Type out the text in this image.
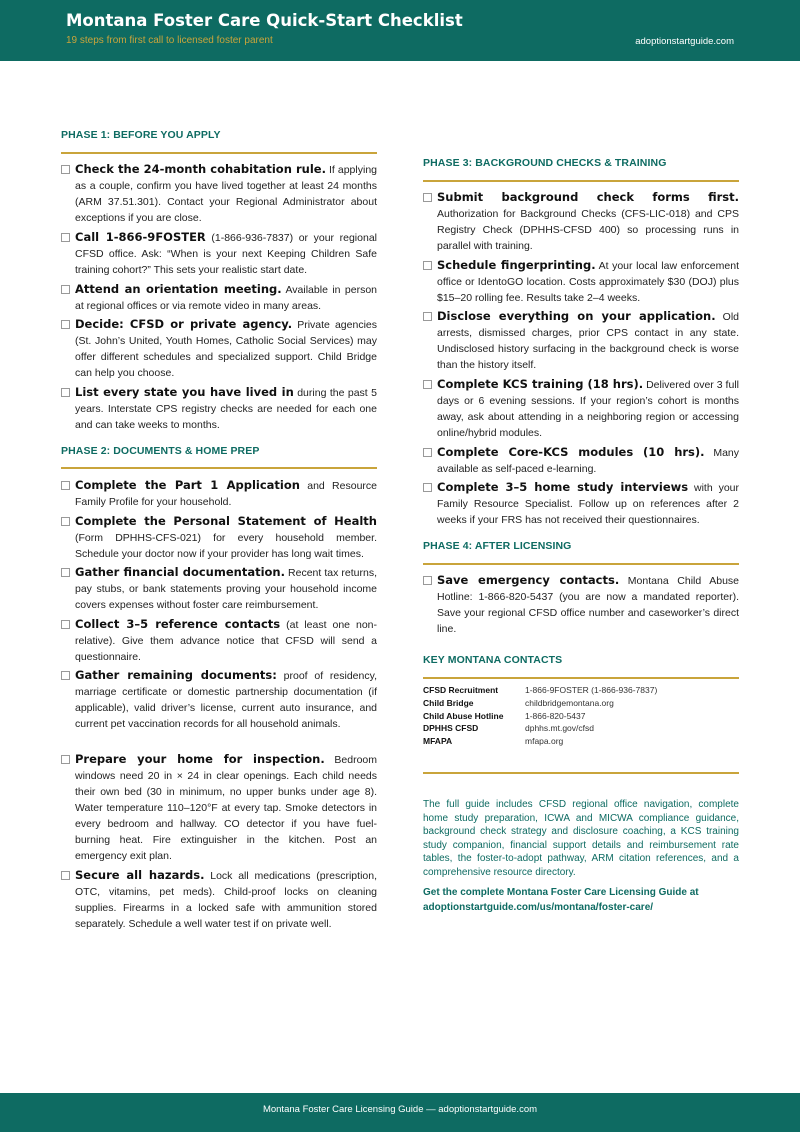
Montana Foster Care Quick-Start Checklist
19 steps from first call to licensed foster parent	adoptionstartguide.com
PHASE 1: BEFORE YOU APPLY
Check the 24-month cohabitation rule. If applying as a couple, confirm you have lived together at least 24 months (ARM 37.51.301). Contact your Regional Administrator about exceptions if you are close.
Call 1-866-9FOSTER (1-866-936-7837) or your regional CFSD office. Ask: “When is your next Keeping Children Safe training cohort?” This sets your realistic start date.
Attend an orientation meeting. Available in person at regional offices or via remote video in many areas.
Decide: CFSD or private agency. Private agencies (St. John’s United, Youth Homes, Catholic Social Services) may offer different schedules and specialized support. Child Bridge can help you choose.
List every state you have lived in during the past 5 years. Interstate CPS registry checks are needed for each one and can take weeks to months.
PHASE 2: DOCUMENTS & HOME PREP
Complete the Part 1 Application and Resource Family Profile for your household.
Complete the Personal Statement of Health (Form DPHHS-CFS-021) for every household member. Schedule your doctor now if your provider has long wait times.
Gather financial documentation. Recent tax returns, pay stubs, or bank statements proving your household income covers expenses without foster care reimbursement.
Collect 3–5 reference contacts (at least one non-relative). Give them advance notice that CFSD will send a questionnaire.
Gather remaining documents: proof of residency, marriage certificate or domestic partnership documentation (if applicable), valid driver’s license, current auto insurance, and current pet vaccination records for all household animals.
Prepare your home for inspection. Bedroom windows need 20 in × 24 in clear openings. Each child needs their own bed (30 in minimum, no upper bunks under age 8). Water temperature 110–120°F at every tap. Smoke detectors in every bedroom and hallway. CO detector if you have fuel-burning heat. Fire extinguisher in the kitchen. Post an emergency exit plan.
Secure all hazards. Lock all medications (prescription, OTC, vitamins, pet meds). Child-proof locks on cleaning supplies. Firearms in a locked safe with ammunition stored separately. Schedule a well water test if on private well.
PHASE 3: BACKGROUND CHECKS & TRAINING
Submit background check forms first. Authorization for Background Checks (CFS-LIC-018) and CPS Registry Check (DPHHS-CFSD 400) so processing runs in parallel with training.
Schedule fingerprinting. At your local law enforcement office or IdentoGO location. Costs approximately $30 (DOJ) plus $15–20 rolling fee. Results take 2–4 weeks.
Disclose everything on your application. Old arrests, dismissed charges, prior CPS contact in any state. Undisclosed history surfacing in the background check is worse than the history itself.
Complete KCS training (18 hrs). Delivered over 3 full days or 6 evening sessions. If your region’s cohort is months away, ask about attending in a neighboring region or accessing online/hybrid modules.
Complete Core-KCS modules (10 hrs). Many available as self-paced e-learning.
Complete 3–5 home study interviews with your Family Resource Specialist. Follow up on references after 2 weeks if your FRS has not received their questionnaires.
PHASE 4: AFTER LICENSING
Save emergency contacts. Montana Child Abuse Hotline: 1-866-820-5437 (you are now a mandated reporter). Save your regional CFSD office number and caseworker’s direct line.
KEY MONTANA CONTACTS
CFSD Recruitment	1-866-9FOSTER (1-866-936-7837)
Child Bridge	childbridgemontana.org
Child Abuse Hotline	1-866-820-5437
DPHHS CFSD	dphhs.mt.gov/cfsd
MFAPA	mfapa.org
The full guide includes CFSD regional office navigation, complete home study preparation, ICWA and MICWA compliance guidance, background check strategy and disclosure coaching, a KCS training study companion, financial support details and reimbursement rate tables, the foster-to-adopt pathway, ARM citation references, and a comprehensive resource directory.
Get the complete Montana Foster Care Licensing Guide at adoptionstartguide.com/us/montana/foster-care/
Montana Foster Care Licensing Guide — adoptionstartguide.com
